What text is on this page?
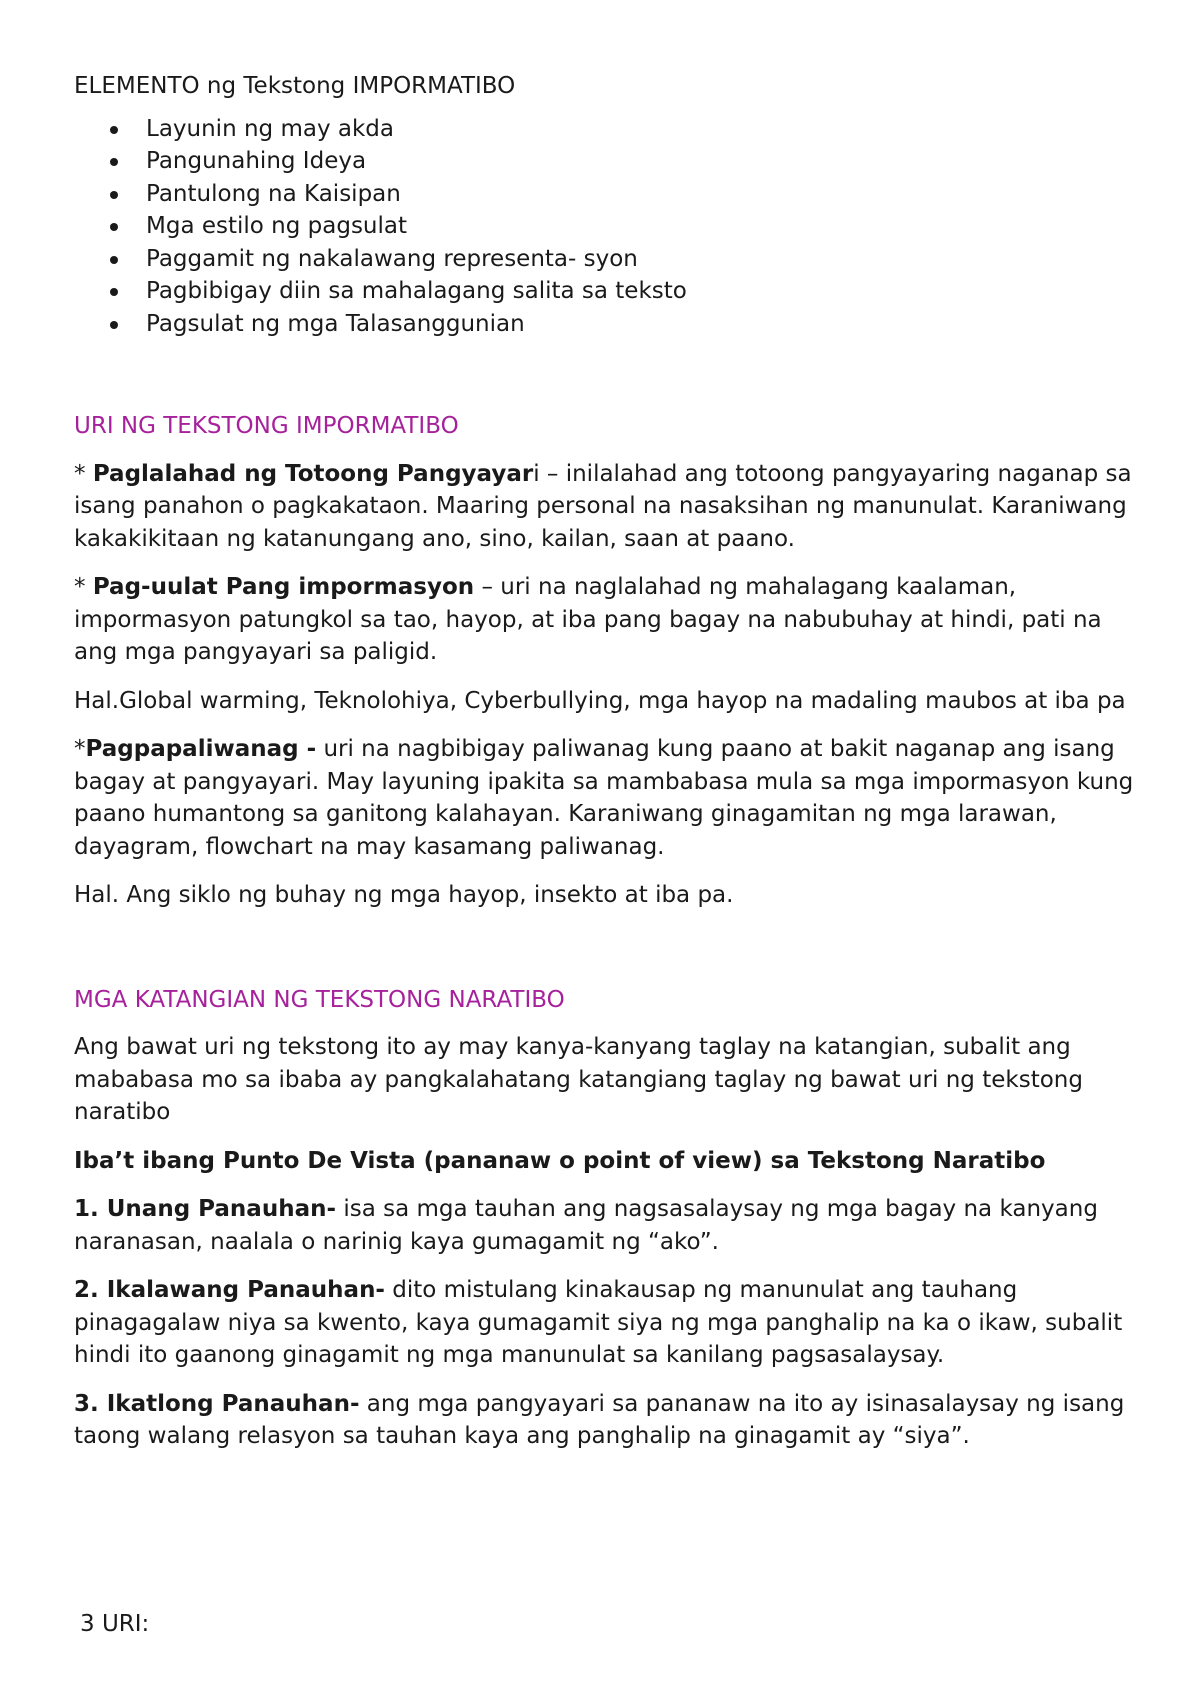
ELEMENTO ng Tekstong IMPORMATIBO

Layunin ng may akda
Pangunahing Ideya
Pantulong na Kaisipan
Mga estilo ng pagsulat
Paggamit ng nakalawang representa- syon
Pagbibigay diin sa mahalagang salita sa teksto
Pagsulat ng mga Talasanggunian

URI NG TEKSTONG IMPORMATIBO

* Paglalahad ng Totoong Pangyayari – inilalahad ang totoong pangyayaring naganap sa isang panahon o pagkakataon. Maaring personal na nasaksihan ng manunulat. Karaniwang kakakikitaan ng katanungang ano, sino, kailan, saan at paano.

* Pag-uulat Pang impormasyon – uri na naglalahad ng mahalagang kaalaman, impormasyon patungkol sa tao, hayop, at iba pang bagay na nabubuhay at hindi, pati na ang mga pangyayari sa paligid.

Hal.Global warming, Teknolohiya, Cyberbullying, mga hayop na madaling maubos at iba pa

*Pagpapaliwanag - uri na nagbibigay paliwanag kung paano at bakit naganap ang isang bagay at pangyayari. May layuning ipakita sa mambabasa mula sa mga impormasyon kung paano humantong sa ganitong kalahayan. Karaniwang ginagamitan ng mga larawan, dayagram, flowchart na may kasamang paliwanag.

Hal. Ang siklo ng buhay ng mga hayop, insekto at iba pa.

MGA KATANGIAN NG TEKSTONG NARATIBO

Ang bawat uri ng tekstong ito ay may kanya-kanyang taglay na katangian, subalit ang mababasa mo sa ibaba ay pangkalahatang katangiang taglay ng bawat uri ng tekstong naratibo

Iba’t ibang Punto De Vista (pananaw o point of view) sa Tekstong Naratibo

1. Unang Panauhan- isa sa mga tauhan ang nagsasalaysay ng mga bagay na kanyang naranasan, naalala o narinig kaya gumagamit ng “ako”.

2. Ikalawang Panauhan- dito mistulang kinakausap ng manunulat ang tauhang pinagagalaw niya sa kwento, kaya gumagamit siya ng mga panghalip na ka o ikaw, subalit hindi ito gaanong ginagamit ng mga manunulat sa kanilang pagsasalaysay.

3. Ikatlong Panauhan- ang mga pangyayari sa pananaw na ito ay isinasalaysay ng isang taong walang relasyon sa tauhan kaya ang panghalip na ginagamit ay “siya”.

3 URI:
